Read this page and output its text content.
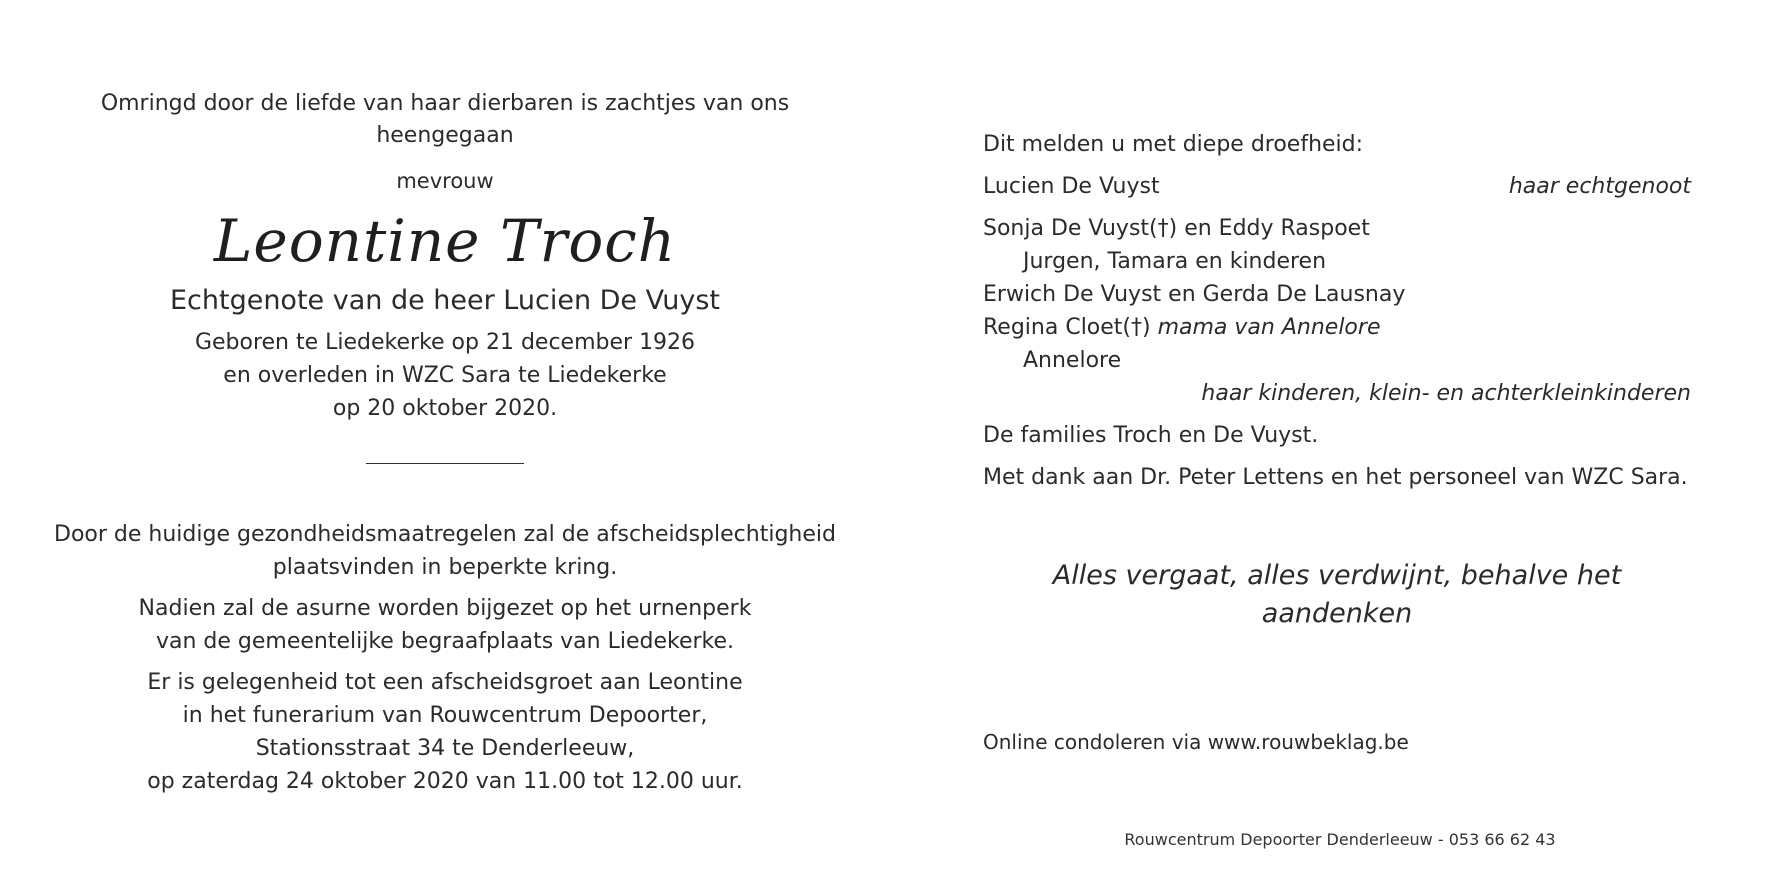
Omringd door de liefde van haar dierbaren is zachtjes van ons heengegaan

mevrouw

Leontine Troch

Echtgenote van de heer Lucien De Vuyst

Geboren te Liedekerke op 21 december 1926

en overleden in WZC Sara te Liedekerke

op 20 oktober 2020.

Door de huidige gezondheidsmaatregelen zal de afscheidsplechtigheid

plaatsvinden in beperkte kring.

Nadien zal de asurne worden bijgezet op het urnenperk

van de gemeentelijke begraafplaats van Liedekerke.

Er is gelegenheid tot een afscheidsgroet aan Leontine

in het funerarium van Rouwcentrum Depoorter,

Stationsstraat 34 te Denderleeuw,

op zaterdag 24 oktober 2020 van 11.00 tot 12.00 uur.

Dit melden u met diepe droefheid:

Lucien De Vuyst	haar echtgenoot

Sonja De Vuyst(†) en Eddy Raspoet

Jurgen, Tamara en kinderen

Erwich De Vuyst en Gerda De Lausnay

Regina Cloet(†) mama van Annelore

Annelore

haar kinderen, klein- en achterkleinkinderen

De families Troch en De Vuyst.

Met dank aan Dr. Peter Lettens en het personeel van WZC Sara.

Alles vergaat, alles verdwijnt, behalve het aandenken
Online condoleren via www.rouwbeklag.be
Rouwcentrum Depoorter Denderleeuw - 053 66 62 43
